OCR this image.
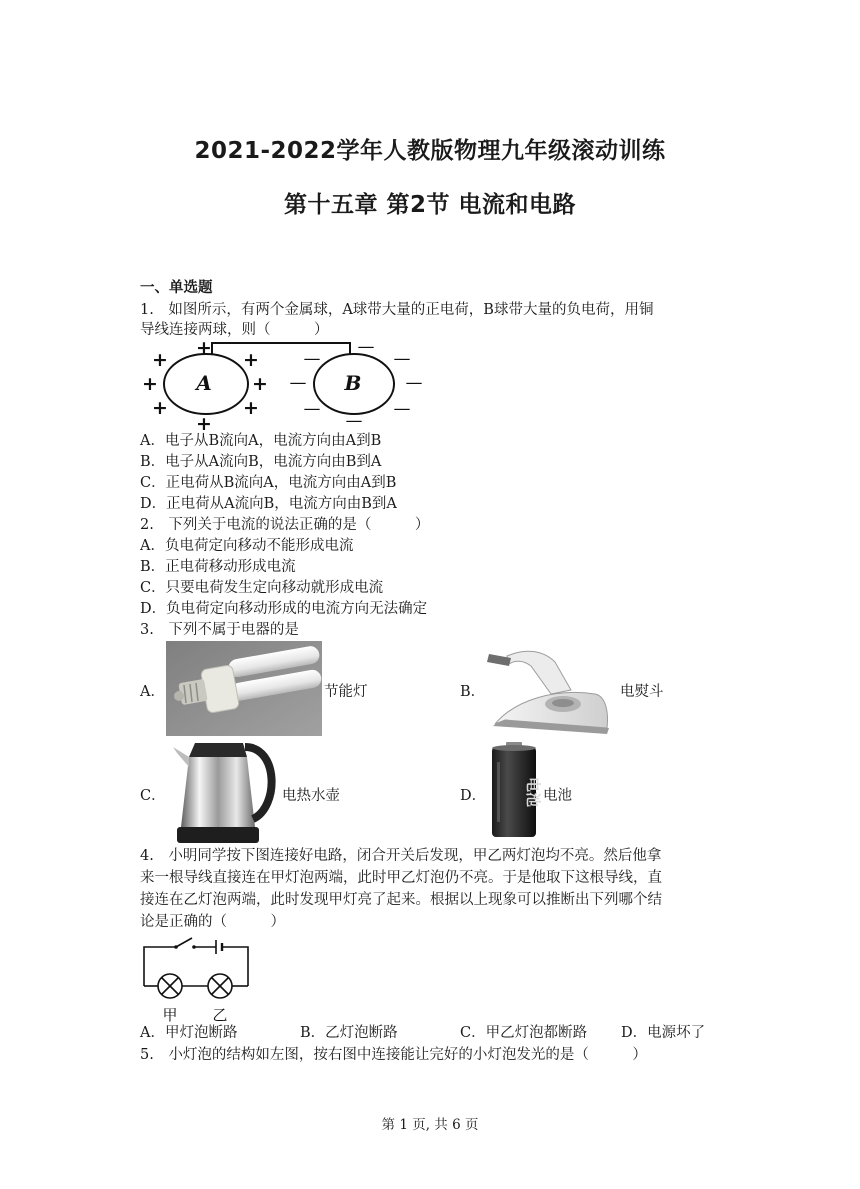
2021-2022学年人教版物理九年级滚动训练
第十五章 第2节 电流和电路
一、单选题
1.　如图所示，有两个金属球，A球带大量的正电荷，B球带大量的负电荷，用铜
导线连接两球，则（　　　）
A	B
+
+
+
+	+
+
+
+
—
—
—
—	—
—
—
—
A．电子从B流向A，电流方向由A到B
B．电子从A流向B，电流方向由B到A
C．正电荷从B流向A，电流方向由A到B
D．正电荷从A流向B，电流方向由B到A
2.　下列关于电流的说法正确的是（　　　）
A．负电荷定向移动不能形成电流
B．正电荷移动形成电流
C．只要电荷发生定向移动就形成电流
D．负电荷定向移动形成的电流方向无法确定
3.　下列不属于电器的是
A．	节能灯	B．	电熨斗
C．	电热水壶	D．	电池 电池
4.　小明同学按下图连接好电路，闭合开关后发现，甲乙两灯泡均不亮。然后他拿
来一根导线直接连在甲灯泡两端，此时甲乙灯泡仍不亮。于是他取下这根导线，直
接连在乙灯泡两端，此时发现甲灯亮了起来。根据以上现象可以推断出下列哪个结
论是正确的（　　　）
甲 乙
A．甲灯泡断路	B．乙灯泡断路	C．甲乙灯泡都断路 D．电源坏了
5.　小灯泡的结构如左图，按右图中连接能让完好的小灯泡发光的是（　　　）
第 1 页, 共 6 页
